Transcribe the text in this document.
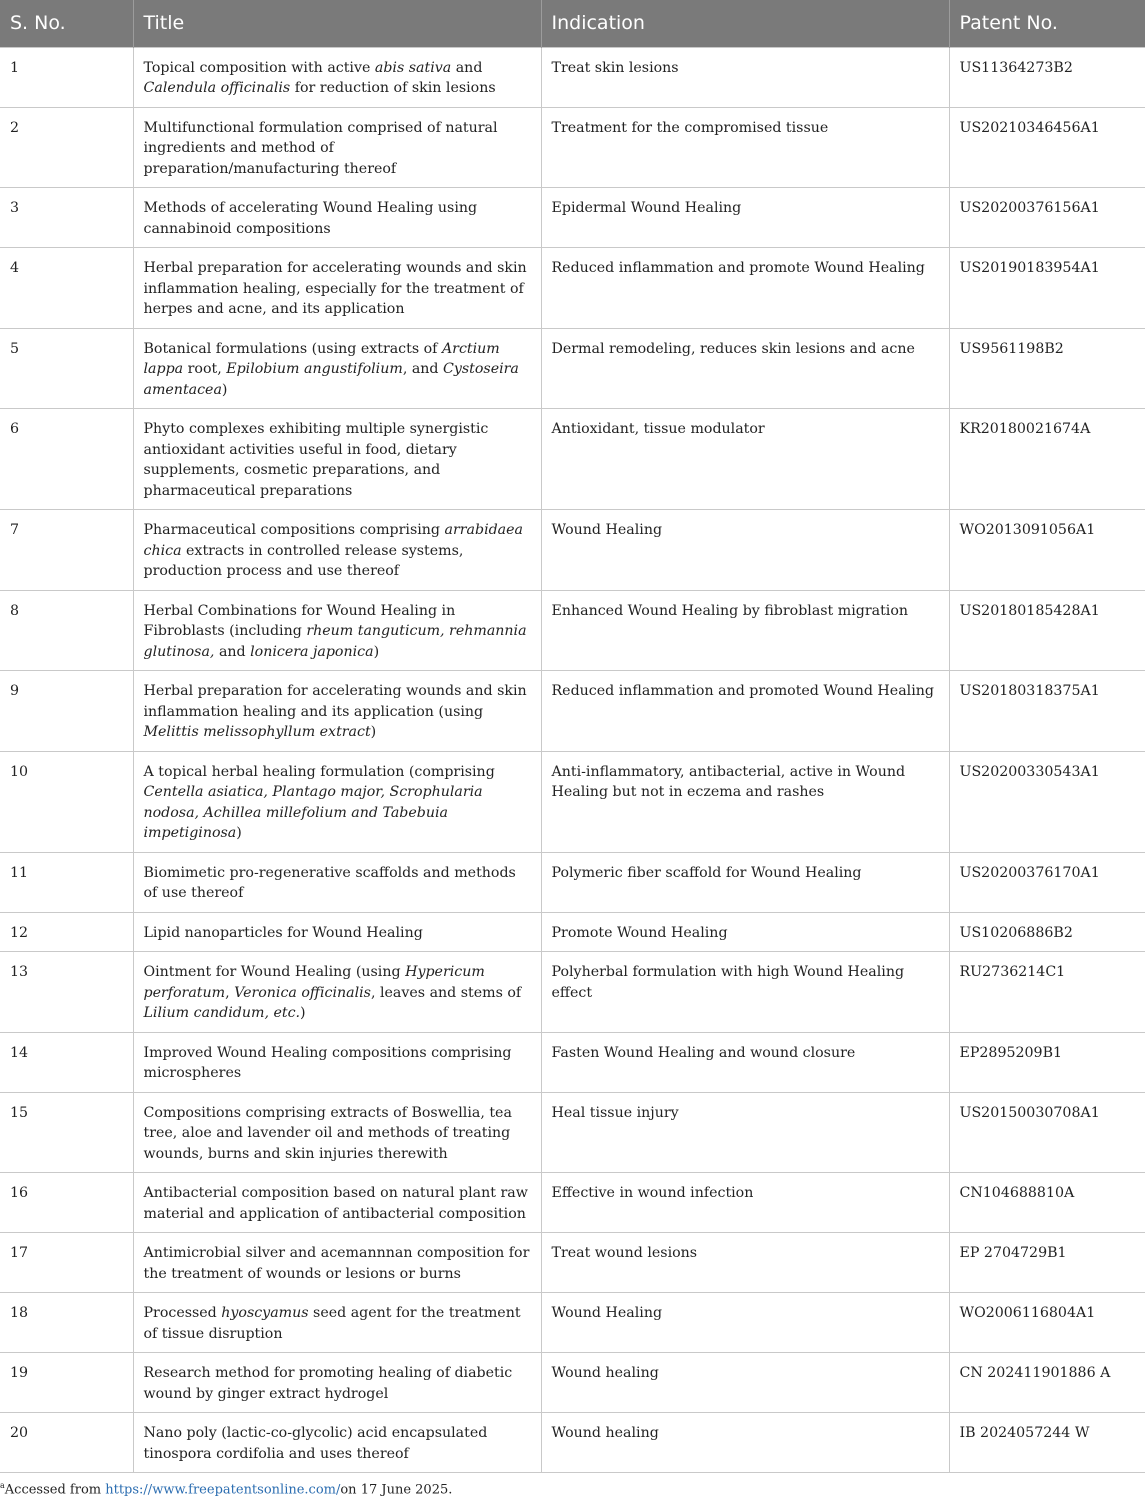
S. No.	Title	Indication	Patent No.
1	Topical composition with active abis sativa and Calendula officinalis for reduction of skin lesions	Treat skin lesions	US11364273B2
2	Multifunctional formulation comprised of natural ingredients and method of preparation/manufacturing thereof	Treatment for the compromised tissue	US20210346456A1
3	Methods of accelerating Wound Healing using cannabinoid compositions	Epidermal Wound Healing	US20200376156A1
4	Herbal preparation for accelerating wounds and skin inflammation healing, especially for the treatment of herpes and acne, and its application	Reduced inflammation and promote Wound Healing	US20190183954A1
5	Botanical formulations (using extracts of Arctium lappa root, Epilobium angustifolium, and Cystoseira amentacea)	Dermal remodeling, reduces skin lesions and acne	US9561198B2
6	Phyto complexes exhibiting multiple synergistic antioxidant activities useful in food, dietary supplements, cosmetic preparations, and pharmaceutical preparations	Antioxidant, tissue modulator	KR20180021674A
7	Pharmaceutical compositions comprising arrabidaea chica extracts in controlled release systems, production process and use thereof	Wound Healing	WO2013091056A1
8	Herbal Combinations for Wound Healing in Fibroblasts (including rheum tanguticum, rehmannia glutinosa, and lonicera japonica)	Enhanced Wound Healing by fibroblast migration	US20180185428A1
9	Herbal preparation for accelerating wounds and skin inflammation healing and its application (using Melittis melissophyllum extract)	Reduced inflammation and promoted Wound Healing	US20180318375A1
10	A topical herbal healing formulation (comprising Centella asiatica, Plantago major, Scrophularia nodosa, Achillea millefolium and Tabebuia impetiginosa)	Anti-inflammatory, antibacterial, active in Wound Healing but not in eczema and rashes	US20200330543A1
11	Biomimetic pro-regenerative scaffolds and methods of use thereof	Polymeric fiber scaffold for Wound Healing	US20200376170A1
12	Lipid nanoparticles for Wound Healing	Promote Wound Healing	US10206886B2
13	Ointment for Wound Healing (using Hypericum perforatum, Veronica officinalis, leaves and stems of Lilium candidum, etc.)	Polyherbal formulation with high Wound Healing effect	RU2736214C1
14	Improved Wound Healing compositions comprising microspheres	Fasten Wound Healing and wound closure	EP2895209B1
15	Compositions comprising extracts of Boswellia, tea tree, aloe and lavender oil and methods of treating wounds, burns and skin injuries therewith	Heal tissue injury	US20150030708A1
16	Antibacterial composition based on natural plant raw material and application of antibacterial composition	Effective in wound infection	CN104688810A
17	Antimicrobial silver and acemannnan composition for the treatment of wounds or lesions or burns	Treat wound lesions	EP 2704729B1
18	Processed hyoscyamus seed agent for the treatment of tissue disruption	Wound Healing	WO2006116804A1
19	Research method for promoting healing of diabetic wound by ginger extract hydrogel	Wound healing	CN 202411901886 A
20	Nano poly (lactic-co-glycolic) acid encapsulated tinospora cordifolia and uses thereof	Wound healing	IB 2024057244 W
$^a$Accessed from https://www.freepatentsonline.com/on 17 June 2025.
